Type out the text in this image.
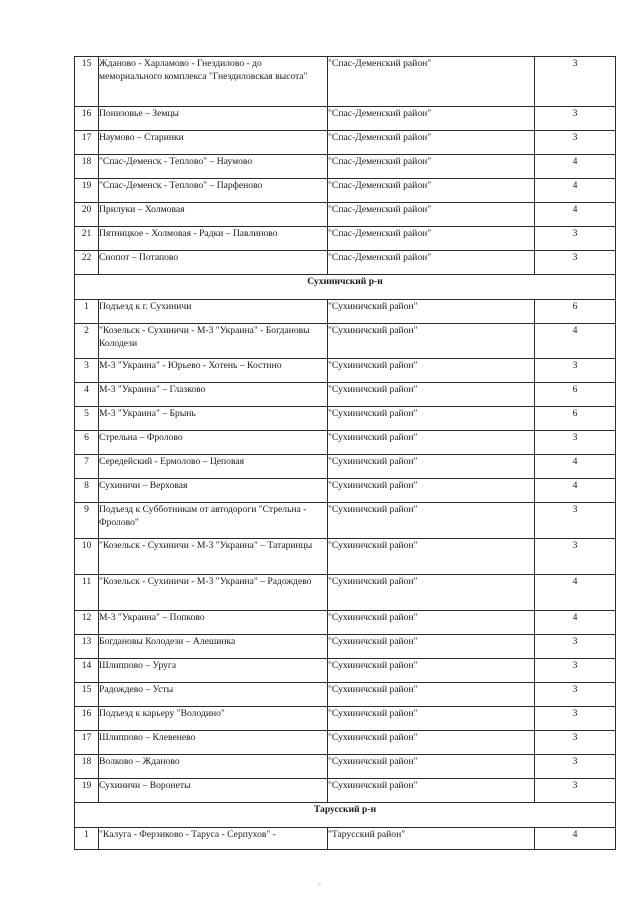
15	Жданово - Харламово - Гнездилово - до мемориального комплекса "Гнездиловская высота"	"Спас-Деменский район"	3
16	Понизовье – Земцы	"Спас-Деменский район"	3
17	Наумово – Старинки	"Спас-Деменский район"	3
18	"Спас-Деменск - Теплово" – Наумово	"Спас-Деменский район"	4
19	"Спас-Деменск - Теплово" – Парфеново	"Спас-Деменский район"	4
20	Прилуки – Холмовая	"Спас-Деменский район"	4
21	Пятницкое - Холмовая - Радки – Павлиново	"Спас-Деменский район"	3
22	Снопот – Потапово	"Спас-Деменский район"	3
Сухиничский р-н			
1	Подъезд к г. Сухиничи	"Сухиничский район"	6
2	"Козельск - Сухиничи - М-3 "Украина" - Богдановы Колодези	"Сухиничский район"	4
3	М-3 "Украина" - Юрьево - Хотень – Костино	"Сухиничский район"	3
4	М-3 "Украина" – Глазково	"Сухиничский район"	6
5	М-3 "Украина" – Брынь	"Сухиничский район"	6
6	Стрельна – Фролово	"Сухиничский район"	3
7	Середейский - Ермолово – Цеповая	"Сухиничский район"	4
8	Сухиничи – Верховая	"Сухиничский район"	4
9	Подъезд к Субботникам от автодороги "Стрельна - Фролово"	"Сухиничский район"	3
10	"Козельск - Сухиничи - М-3 "Украина" – Татаринцы	"Сухиничский район"	3
11	"Козельск - Сухиничи - М-3 "Украина" – Радождево	"Сухиничский район"	4
12	М-3 "Украина" – Попково	"Сухиничский район"	4
13	Богдановы Колодези – Алешинка	"Сухиничский район"	3
14	Шлиппово – Уруга	"Сухиничский район"	3
15	Радождево – Усты	"Сухиничский район"	3
16	Подъезд к карьеру "Володино"	"Сухиничский район"	3
17	Шлиппово – Клевенево	"Сухиничский район"	3
18	Волково – Жданово	"Сухиничский район"	3
19	Сухиничи – Воронеты	"Сухиничский район"	3
Тарусский р-н			
1	"Калуга - Ферзиково - Таруса - Серпухов" -	"Тарусский район"	4
